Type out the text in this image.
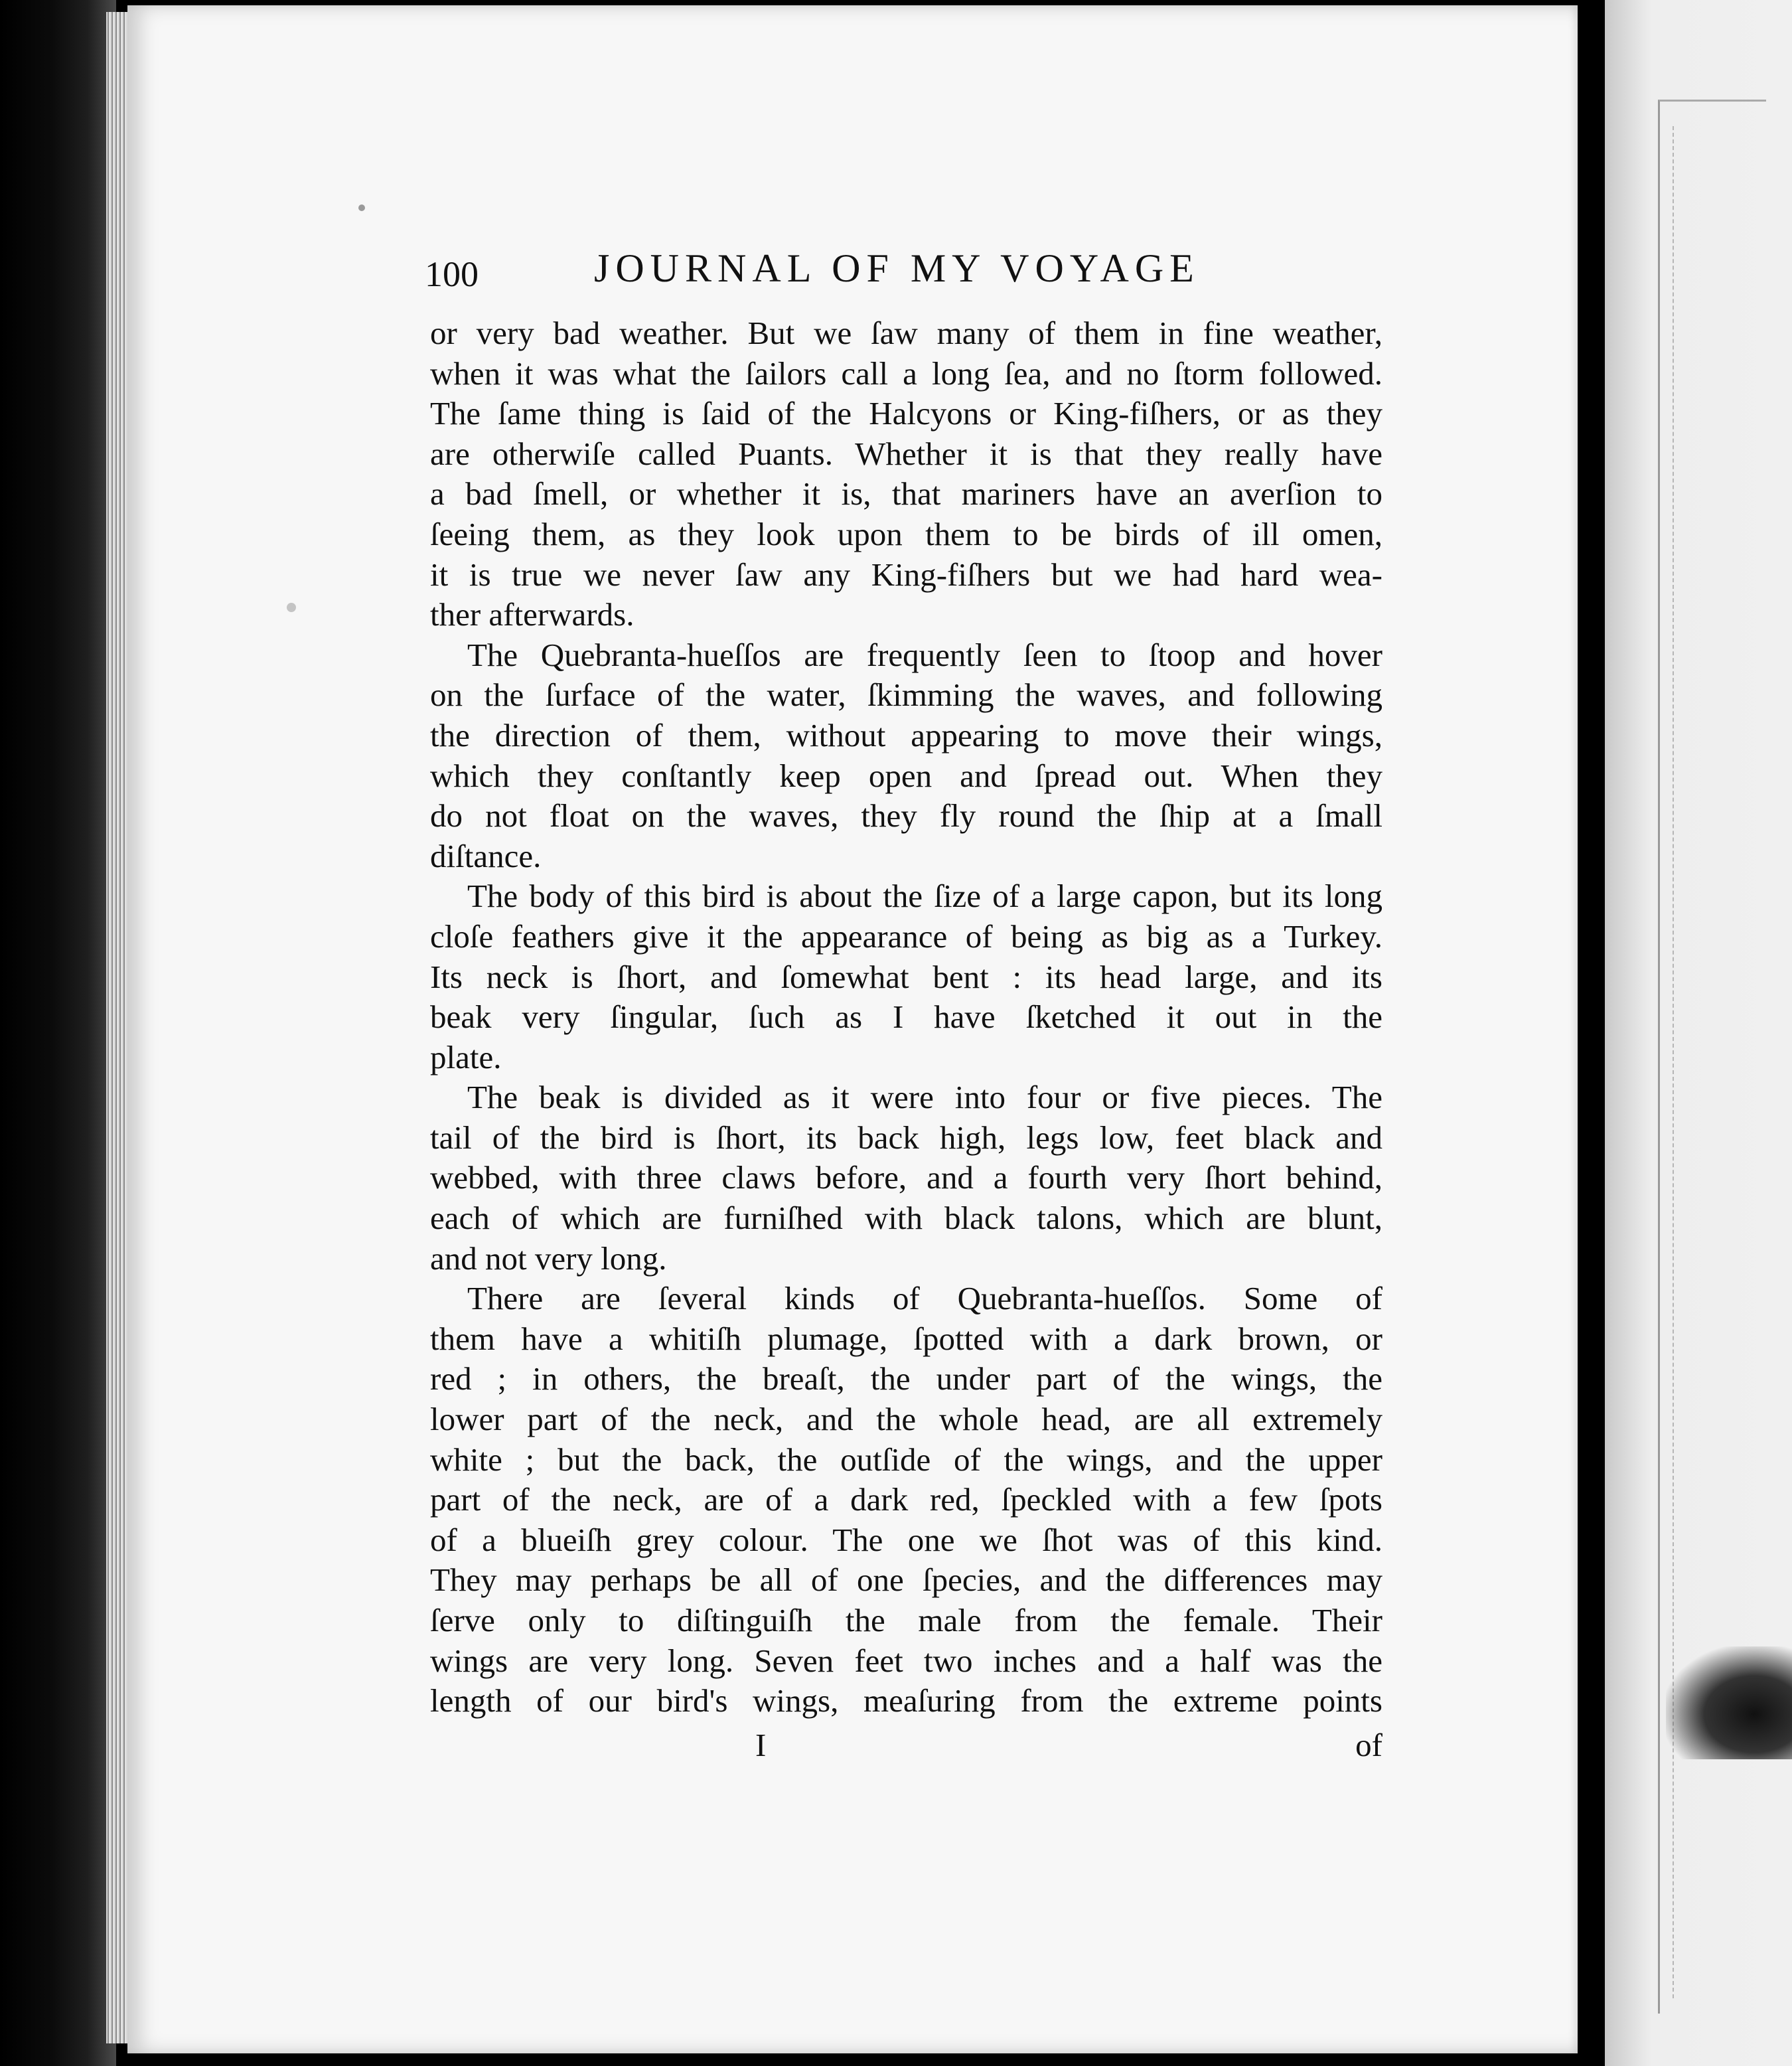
100	JOURNAL OF MY VOYAGE

or very bad weather. But we ſaw many of them in fine weather,
when it was what the ſailors call a long ſea, and no ſtorm followed.
The ſame thing is ſaid of the Halcyons or King-fiſhers, or as they
are otherwiſe called Puants. Whether it is that they really have
a bad ſmell, or whether it is, that mariners have an averſion to
ſeeing them, as they look upon them to be birds of ill omen,
it is true we never ſaw any King-fiſhers but we had hard wea-
ther afterwards.

The Quebranta-hueſſos are frequently ſeen to ſtoop and hover
on the ſurface of the water, ſkimming the waves, and following
the direction of them, without appearing to move their wings,
which they conſtantly keep open and ſpread out. When they
do not float on the waves, they fly round the ſhip at a ſmall
diſtance.

The body of this bird is about the ſize of a large capon, but its long
cloſe feathers give it the appearance of being as big as a Turkey.
Its neck is ſhort, and ſomewhat bent : its head large, and its
beak very ſingular, ſuch as I have ſketched it out in the
plate.

The beak is divided as it were into four or five pieces. The
tail of the bird is ſhort, its back high, legs low, feet black and
webbed, with three claws before, and a fourth very ſhort behind,
each of which are furniſhed with black talons, which are blunt,
and not very long.

There are ſeveral kinds of Quebranta-hueſſos. Some of
them have a whitiſh plumage, ſpotted with a dark brown, or
red ; in others, the breaſt, the under part of the wings, the
lower part of the neck, and the whole head, are all extremely
white ; but the back, the outſide of the wings, and the upper
part of the neck, are of a dark red, ſpeckled with a few ſpots
of a blueiſh grey colour. The one we ſhot was of this kind.
They may perhaps be all of one ſpecies, and the differences may
ſerve only to diſtinguiſh the male from the female. Their
wings are very long. Seven feet two inches and a half was the
length of our bird's wings, meaſuring from the extreme points

I	of
